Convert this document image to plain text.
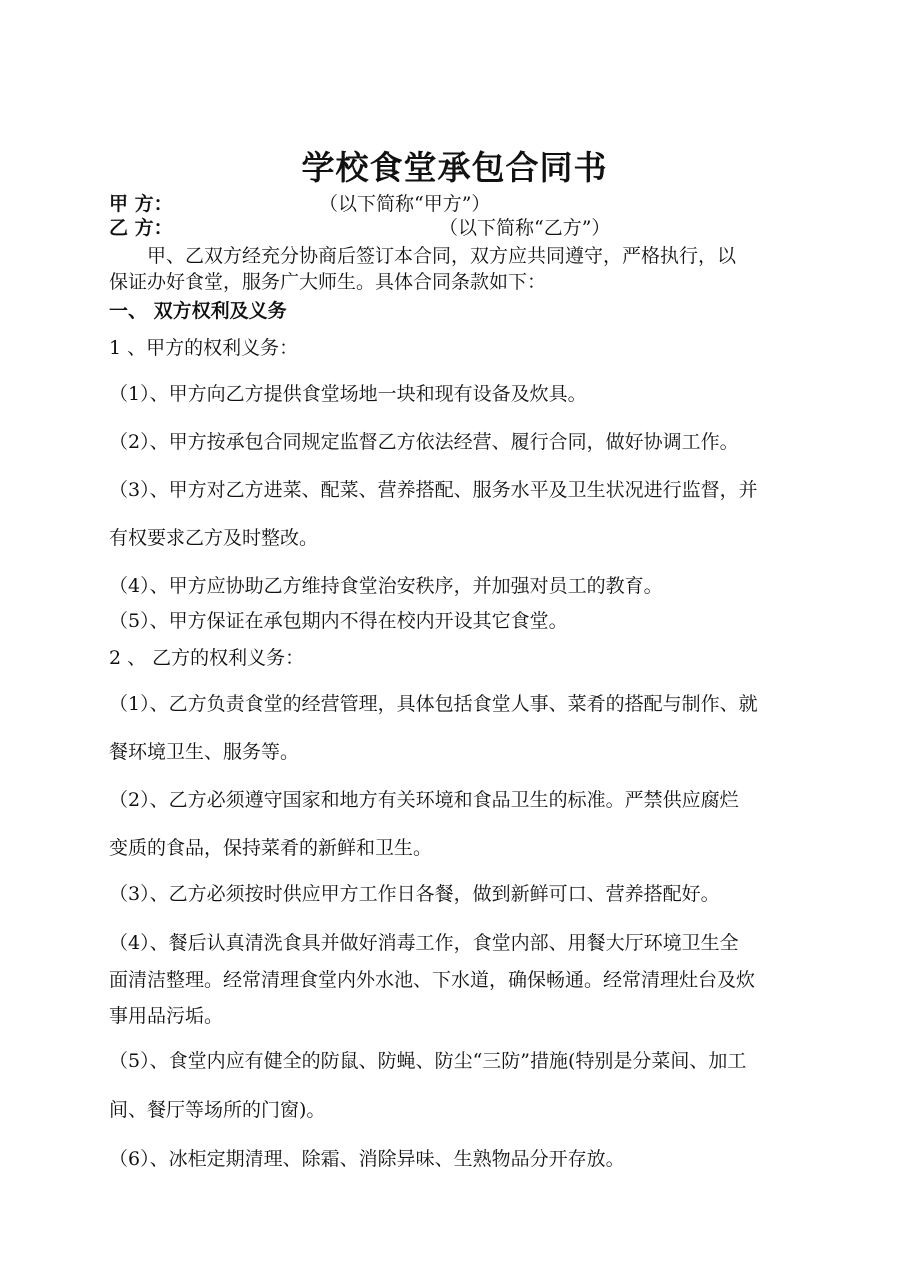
学校食堂承包合同书
甲 方：	（以下简称“甲方”）
乙 方：	（以下简称“乙方”）
甲、乙双方经充分协商后签订本合同，双方应共同遵守，严格执行，以
保证办好食堂，服务广大师生。具体合同条款如下：
一、 双方权利及义务
1 、甲方的权利义务：
（1）、甲方向乙方提供食堂场地一块和现有设备及炊具。
（2）、甲方按承包合同规定监督乙方依法经营、履行合同，做好协调工作。
（3）、甲方对乙方进菜、配菜、营养搭配、服务水平及卫生状况进行监督，并
有权要求乙方及时整改。
（4）、甲方应协助乙方维持食堂治安秩序，并加强对员工的教育。
（5）、甲方保证在承包期内不得在校内开设其它食堂。
2 、 乙方的权利义务：
（1）、乙方负责食堂的经营管理，具体包括食堂人事、菜肴的搭配与制作、就
餐环境卫生、服务等。
（2）、乙方必须遵守国家和地方有关环境和食品卫生的标准。严禁供应腐烂
变质的食品，保持菜肴的新鲜和卫生。
（3）、乙方必须按时供应甲方工作日各餐，做到新鲜可口、营养搭配好。
（4）、餐后认真清洗食具并做好消毒工作，食堂内部、用餐大厅环境卫生全
面清洁整理。经常清理食堂内外水池、下水道，确保畅通。经常清理灶台及炊
事用品污垢。
（5）、食堂内应有健全的防鼠、防蝇、防尘“三防”措施(特别是分菜间、加工
间、餐厅等场所的门窗)。
（6）、冰柜定期清理、除霜、消除异味、生熟物品分开存放。
